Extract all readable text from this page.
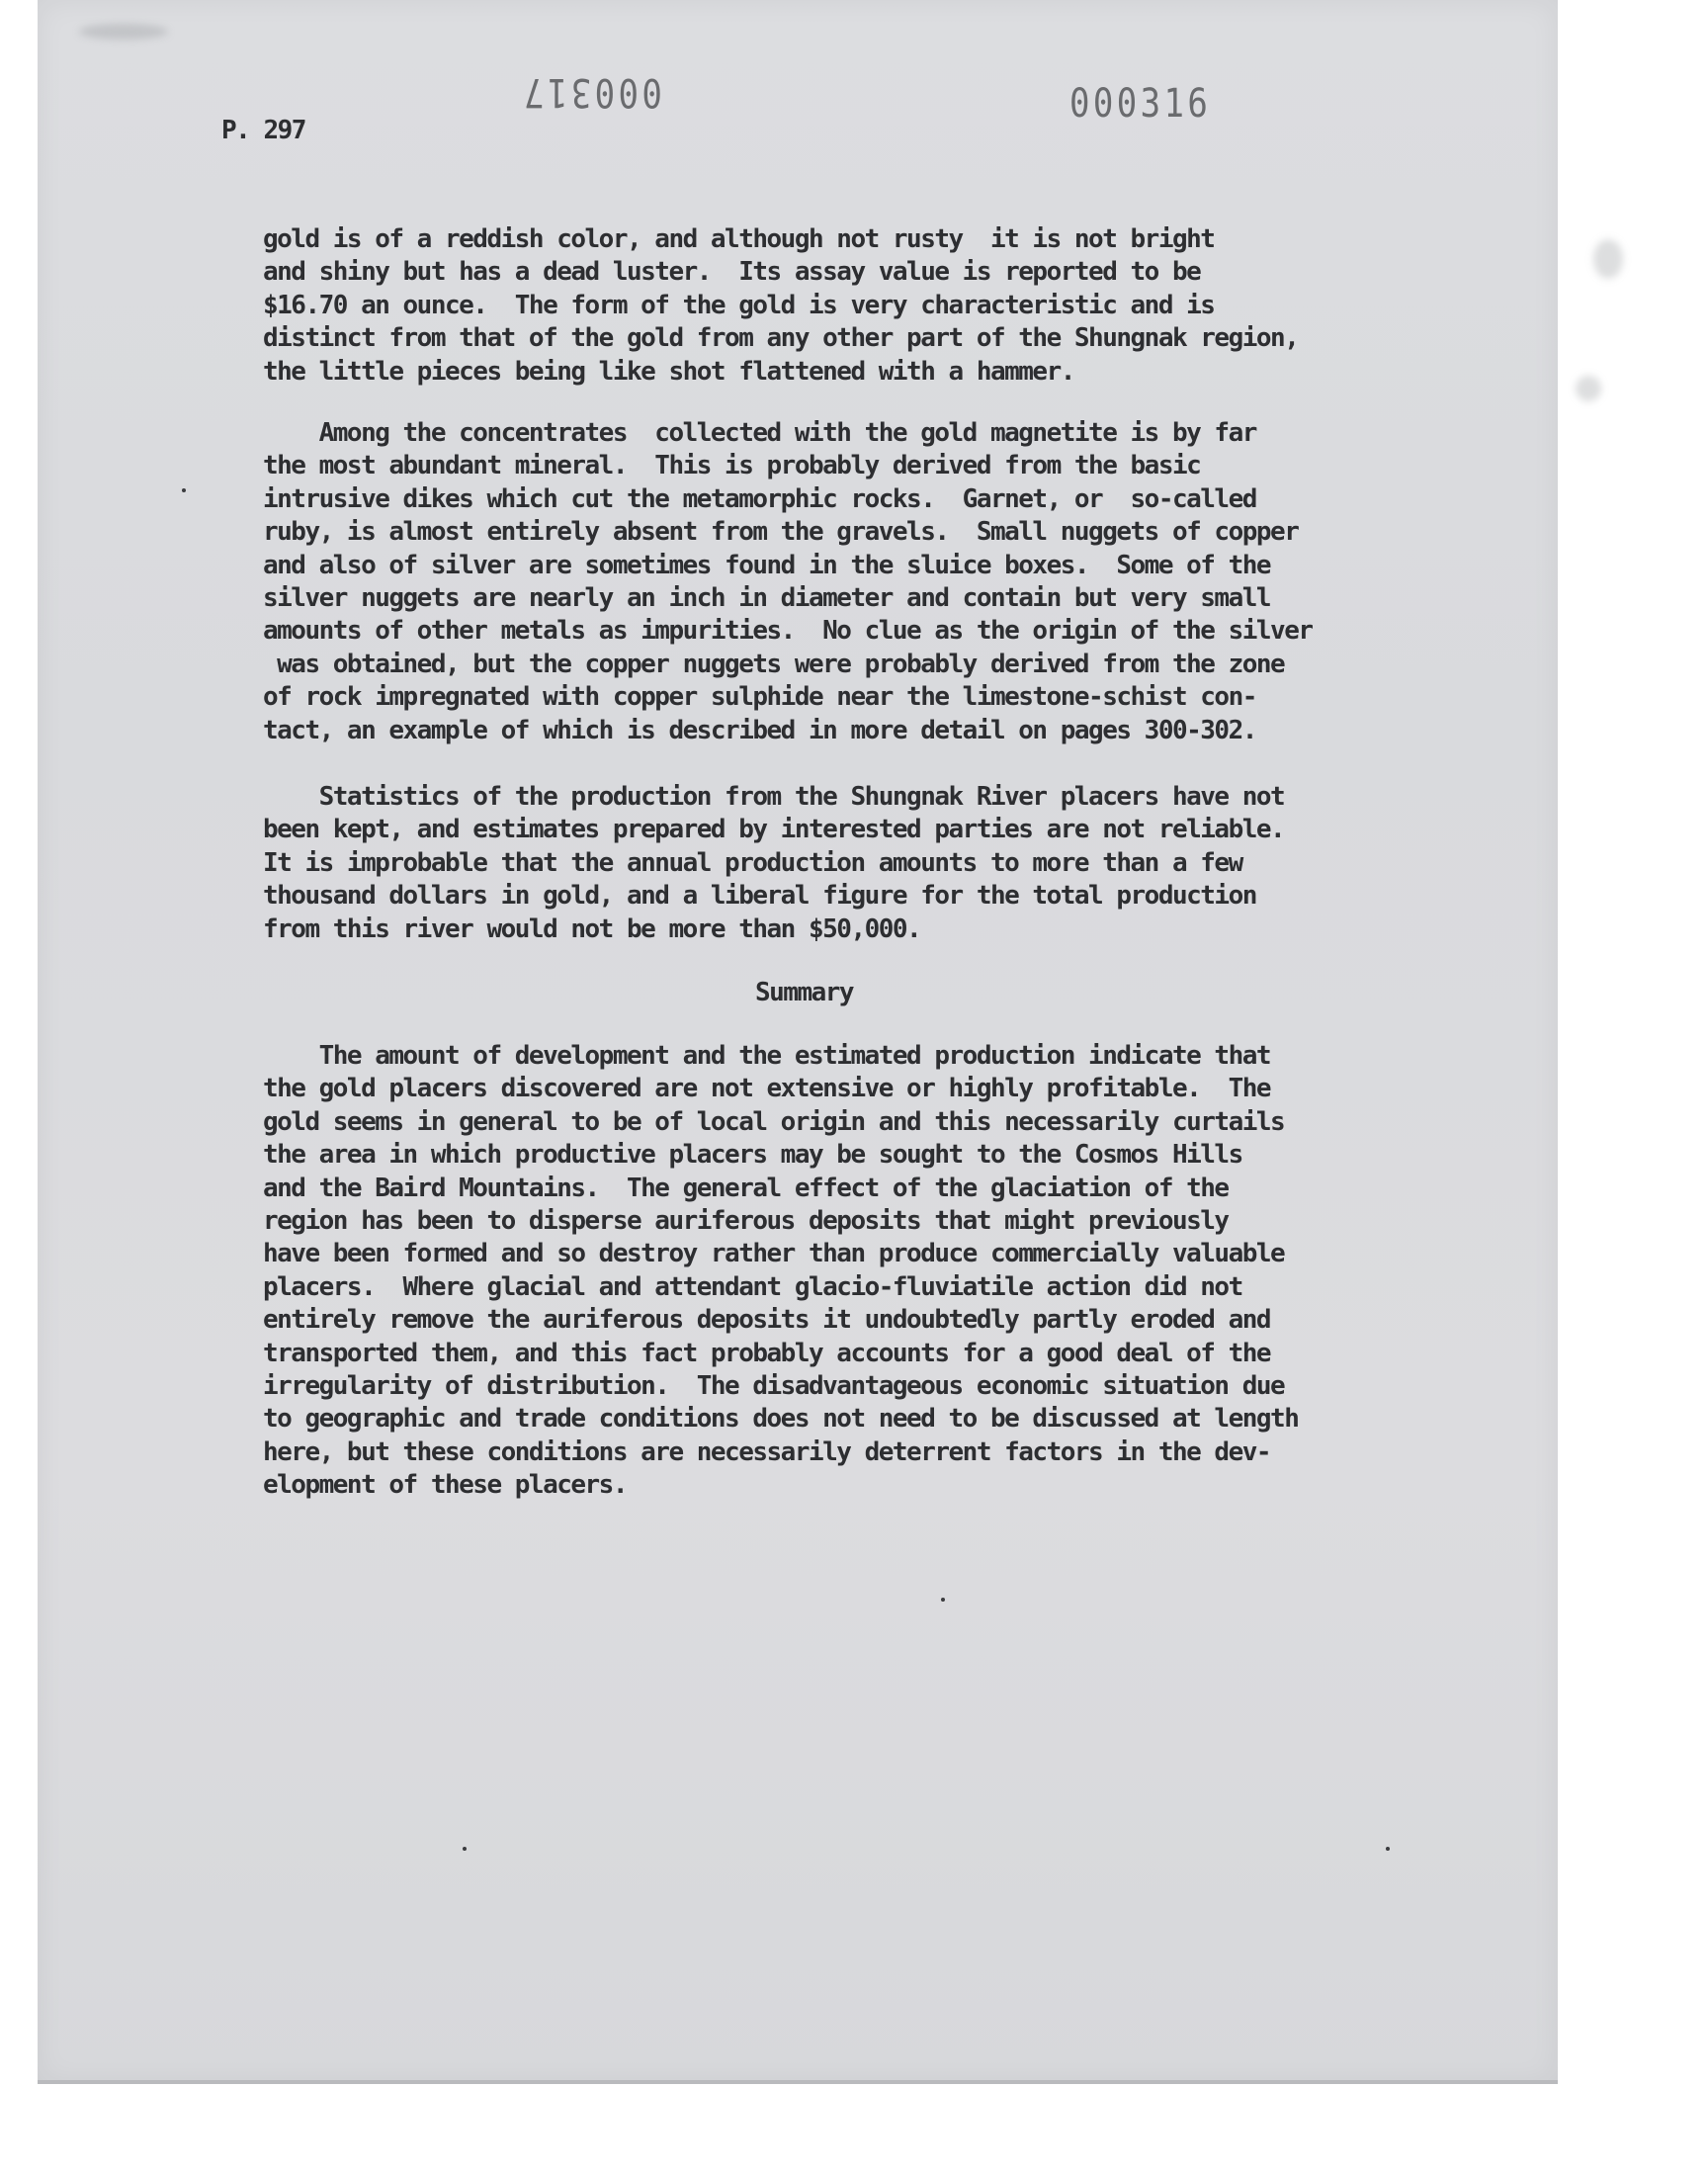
P. 297
000317	000316
gold is of a reddish color, and although not rusty  it is not bright
and shiny but has a dead luster.  Its assay value is reported to be
$16.70 an ounce.  The form of the gold is very characteristic and is
distinct from that of the gold from any other part of the Shungnak region,
the little pieces being like shot flattened with a hammer.
Among the concentrates  collected with the gold magnetite is by far
the most abundant mineral.  This is probably derived from the basic
intrusive dikes which cut the metamorphic rocks.  Garnet, or  so-called
ruby, is almost entirely absent from the gravels.  Small nuggets of copper
and also of silver are sometimes found in the sluice boxes.  Some of the
silver nuggets are nearly an inch in diameter and contain but very small
amounts of other metals as impurities.  No clue as the origin of the silver
was obtained, but the copper nuggets were probably derived from the zone
of rock impregnated with copper sulphide near the limestone-schist con-
tact, an example of which is described in more detail on pages 300-302.
Statistics of the production from the Shungnak River placers have not
been kept, and estimates prepared by interested parties are not reliable.
It is improbable that the annual production amounts to more than a few
thousand dollars in gold, and a liberal figure for the total production
from this river would not be more than $50,000.
Summary
The amount of development and the estimated production indicate that
the gold placers discovered are not extensive or highly profitable.  The
gold seems in general to be of local origin and this necessarily curtails
the area in which productive placers may be sought to the Cosmos Hills
and the Baird Mountains.  The general effect of the glaciation of the
region has been to disperse auriferous deposits that might previously
have been formed and so destroy rather than produce commercially valuable
placers.  Where glacial and attendant glacio-fluviatile action did not
entirely remove the auriferous deposits it undoubtedly partly eroded and
transported them, and this fact probably accounts for a good deal of the
irregularity of distribution.  The disadvantageous economic situation due
to geographic and trade conditions does not need to be discussed at length
here, but these conditions are necessarily deterrent factors in the dev-
elopment of these placers.
